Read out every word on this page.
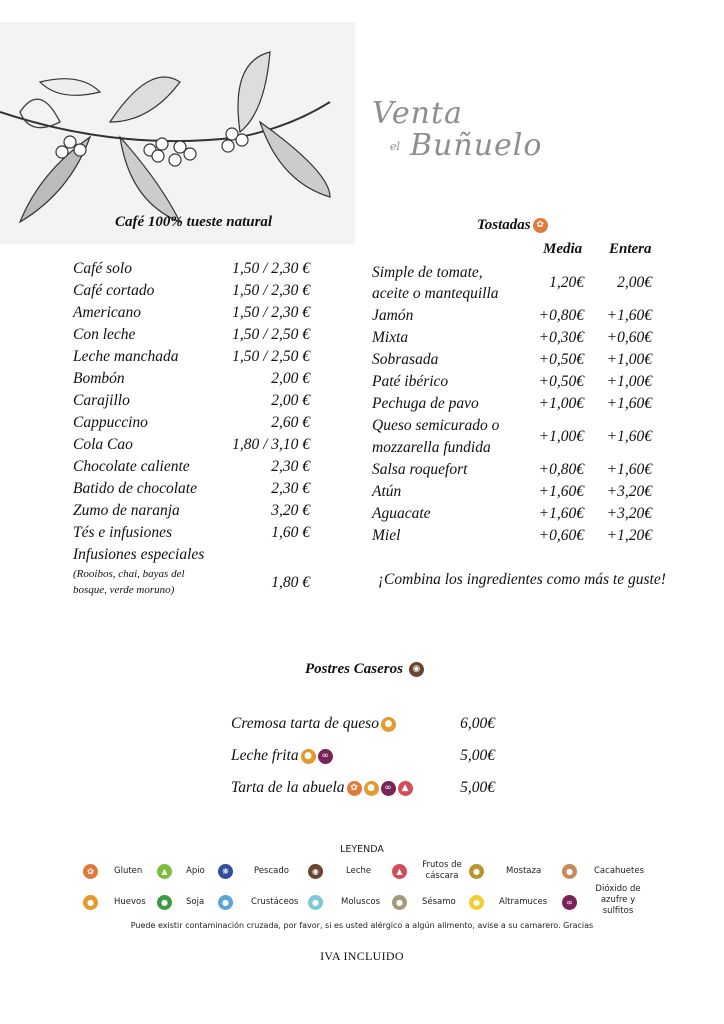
Venta
el Buñuelo
Café 100% tueste natural
Café solo	1,50 / 2,30 €
Café cortado	1,50 / 2,30 €
Americano	1,50 / 2,30 €
Con leche	1,50 / 2,50 €
Leche manchada	1,50 / 2,50 €
Bombón	2,00 €
Carajillo	2,00 €
Cappuccino	2,60 €
Cola Cao	1,80 / 3,10 €
Chocolate caliente	2,30 €
Batido de chocolate	2,30 €
Zumo de naranja	3,20 €
Tés e infusiones	1,60 €
Infusiones especiales
(Rooibos, chai, bayas del
bosque, verde moruno)	1,80 €
Tostadas ✿
Media Entera
Simple de tomate,
aceite o mantequilla
1,20€	2,00€
Jamón	+0,80€	+1,60€
Mixta	+0,30€	+0,60€
Sobrasada	+0,50€	+1,00€
Paté ibérico	+0,50€	+1,00€
Pechuga de pavo	+1,00€	+1,60€
Queso semicurado o
mozzarella fundida
+1,00€	+1,60€
Salsa roquefort	+0,80€	+1,60€
Atún	+1,60€	+3,20€
Aguacate	+1,60€	+3,20€
Miel	+0,60€	+1,20€
¡Combina los ingredientes como más te guste!
Postres Caseros ◉
Cremosa tarta de queso ●	6,00€
Leche frita ● ∞	5,00€
Tarta de la abuela ✿ ● ∞ ▲	5,00€
LEYENDA
✿	Gluten	▲	Apio	❋	Pescado	◉	Leche	▲
Frutos de cáscara	●	Mostaza	●	Cacahuetes
●	Huevos	●	Soja	●	Crustáceos	●	Moluscos	●	Sésamo	●	Altramuces	∞
Dióxido de azufre y sulfitos
Puede existir contaminación cruzada, por favor, si es usted alérgico a algún alimento, avise a su camarero. Gracias
IVA INCLUIDO
